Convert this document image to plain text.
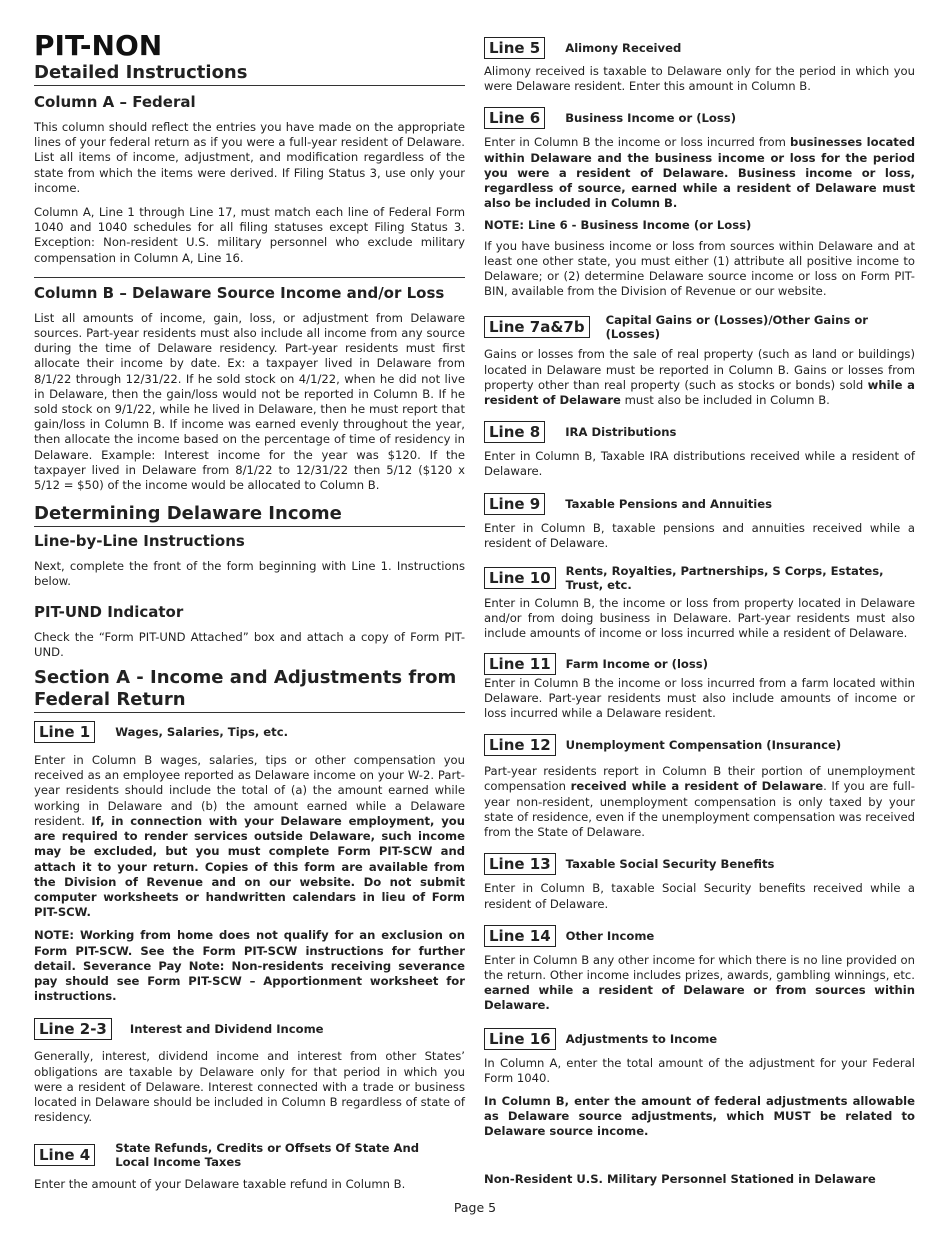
PIT-NON
Detailed Instructions
Column A – Federal

This column should reflect the entries you have made on the appropriate lines of your federal return as if you were a full-year resident of Delaware. List all items of income, adjustment, and modification regardless of the state from which the items were derived. If Filing Status 3, use only your income.

Column A, Line 1 through Line 17, must match each line of Federal Form 1040 and 1040 schedules for all filing statuses except Filing Status 3. Exception: Non-resident U.S. military personnel who exclude military compensation in Column A, Line 16.

Column B – Delaware Source Income and/or Loss

List all amounts of income, gain, loss, or adjustment from Delaware sources. Part-year residents must also include all income from any source during the time of Delaware residency. Part-year residents must first allocate their income by date. Ex: a taxpayer lived in Delaware from 8/1/22 through 12/31/22. If he sold stock on 4/1/22, when he did not live in Delaware, then the gain/loss would not be reported in Column B. If he sold stock on 9/1/22, while he lived in Delaware, then he must report that gain/loss in Column B. If income was earned evenly throughout the year, then allocate the income based on the percentage of time of residency in Delaware. Example: Interest income for the year was $120. If the taxpayer lived in Delaware from 8/1/22 to 12/31/22 then 5/12 ($120 x 5/12 = $50) of the income would be allocated to Column B.

Determining Delaware Income
Line-by-Line Instructions

Next, complete the front of the form beginning with Line 1. Instructions below.

PIT-UND Indicator

Check the “Form PIT-UND Attached” box and attach a copy of Form PIT-UND.

Section A - Income and Adjustments from Federal Return
Line 1	Wages, Salaries, Tips, etc.

Enter in Column B wages, salaries, tips or other compensation you received as an employee reported as Delaware income on your W-2. Part-year residents should include the total of (a) the amount earned while working in Delaware and (b) the amount earned while a Delaware resident. If, in connection with your Delaware employment, you are required to render services outside Delaware, such income may be excluded, but you must complete Form PIT-SCW and attach it to your return. Copies of this form are available from the Division of Revenue and on our website. Do not submit computer worksheets or handwritten calendars in lieu of Form PIT-SCW.

NOTE: Working from home does not qualify for an exclusion on Form PIT-SCW. See the Form PIT-SCW instructions for further detail. Severance Pay Note: Non-residents receiving severance pay should see Form PIT-SCW – Apportionment worksheet for instructions.

Line 2-3	Interest and Dividend Income

Generally, interest, dividend income and interest from other States’ obligations are taxable by Delaware only for that period in which you were a resident of Delaware. Interest connected with a trade or business located in Delaware should be included in Column B regardless of state of residency.

Line 4	State Refunds, Credits or Offsets Of State And Local Income Taxes

Enter the amount of your Delaware taxable refund in Column B.

Line 5	Alimony Received

Alimony received is taxable to Delaware only for the period in which you were Delaware resident. Enter this amount in Column B.

Line 6	Business Income or (Loss)

Enter in Column B the income or loss incurred from businesses located within Delaware and the business income or loss for the period you were a resident of Delaware. Business income or loss, regardless of source, earned while a resident of Delaware must also be included in Column B.

NOTE: Line 6 - Business Income (or Loss)

If you have business income or loss from sources within Delaware and at least one other state, you must either (1) attribute all positive income to Delaware; or (2) determine Delaware source income or loss on Form PIT-BIN, available from the Division of Revenue or our website.

Line 7a&7b	Capital Gains or (Losses)/Other Gains or (Losses)

Gains or losses from the sale of real property (such as land or buildings) located in Delaware must be reported in Column B. Gains or losses from property other than real property (such as stocks or bonds) sold while a resident of Delaware must also be included in Column B.

Line 8	IRA Distributions

Enter in Column B, Taxable IRA distributions received while a resident of Delaware.

Line 9	Taxable Pensions and Annuities

Enter in Column B, taxable pensions and annuities received while a resident of Delaware.

Line 10	Rents, Royalties, Partnerships, S Corps, Estates, Trust, etc.

Enter in Column B, the income or loss from property located in Delaware and/or from doing business in Delaware. Part-year residents must also include amounts of income or loss incurred while a resident of Delaware.

Line 11	Farm Income or (loss)

Enter in Column B the income or loss incurred from a farm located within Delaware. Part-year residents must also include amounts of income or loss incurred while a Delaware resident.

Line 12	Unemployment Compensation (Insurance)

Part-year residents report in Column B their portion of unemployment compensation received while a resident of Delaware. If you are full-year non-resident, unemployment compensation is only taxed by your state of residence, even if the unemployment compensation was received from the State of Delaware.

Line 13	Taxable Social Security Benefits

Enter in Column B, taxable Social Security benefits received while a resident of Delaware.

Line 14	Other Income

Enter in Column B any other income for which there is no line provided on the return. Other income includes prizes, awards, gambling winnings, etc. earned while a resident of Delaware or from sources within Delaware.

Line 16	Adjustments to Income

In Column A, enter the total amount of the adjustment for your Federal Form 1040.

In Column B, enter the amount of federal adjustments allowable as Delaware source adjustments, which MUST be related to Delaware source income.

Non-Resident U.S. Military Personnel Stationed in Delaware

Page 5
